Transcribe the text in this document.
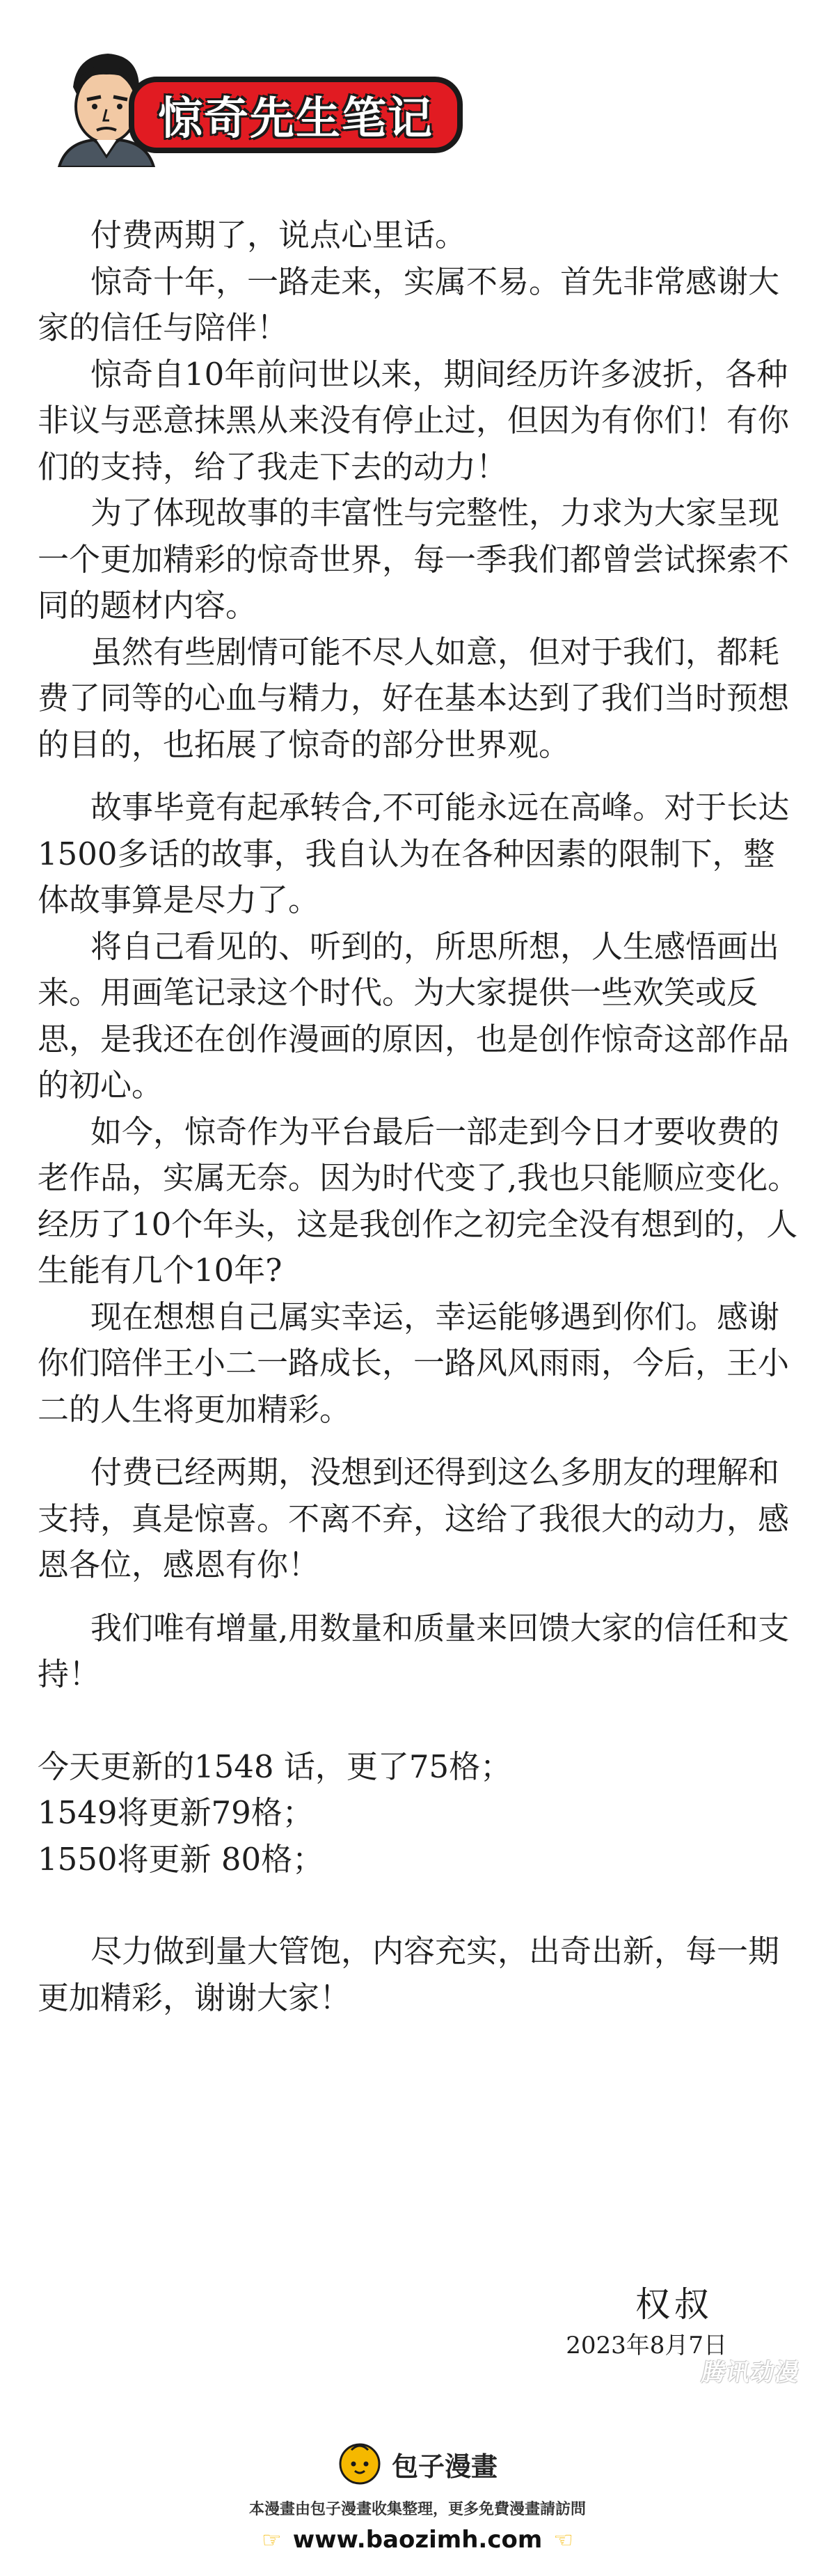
惊奇先生笔记

付费两期了，说点心里话。

惊奇十年，一路走来，实属不易。首先非常感谢大家的信任与陪伴！

惊奇自10年前问世以来，期间经历许多波折，各种非议与恶意抹黑从来没有停止过，但因为有你们！有你们的支持，给了我走下去的动力！

为了体现故事的丰富性与完整性，力求为大家呈现一个更加精彩的惊奇世界，每一季我们都曾尝试探索不同的题材内容。

虽然有些剧情可能不尽人如意，但对于我们，都耗费了同等的心血与精力，好在基本达到了我们当时预想的目的，也拓展了惊奇的部分世界观。

故事毕竟有起承转合,不可能永远在高峰。对于长达1500多话的故事，我自认为在各种因素的限制下，整体故事算是尽力了。

将自己看见的、听到的，所思所想，人生感悟画出来。用画笔记录这个时代。为大家提供一些欢笑或反思，是我还在创作漫画的原因，也是创作惊奇这部作品的初心。

如今，惊奇作为平台最后一部走到今日才要收费的老作品，实属无奈。因为时代变了,我也只能顺应变化。经历了10个年头，这是我创作之初完全没有想到的，人生能有几个10年?

现在想想自己属实幸运，幸运能够遇到你们。感谢你们陪伴王小二一路成长，一路风风雨雨，今后，王小二的人生将更加精彩。

付费已经两期，没想到还得到这么多朋友的理解和支持，真是惊喜。不离不弃，这给了我很大的动力，感恩各位，感恩有你！

我们唯有增量,用数量和质量来回馈大家的信任和支持！

今天更新的1548 话，更了75格；

1549将更新79格；

1550将更新 80格；

尽力做到量大管饱，内容充实，出奇出新，每一期更加精彩，谢谢大家！

权叔
2023年8月7日
腾讯动漫
包子漫畫
本漫畫由包子漫畫收集整理，更多免費漫畫請訪問
☞ www.baozimh.com ☜
